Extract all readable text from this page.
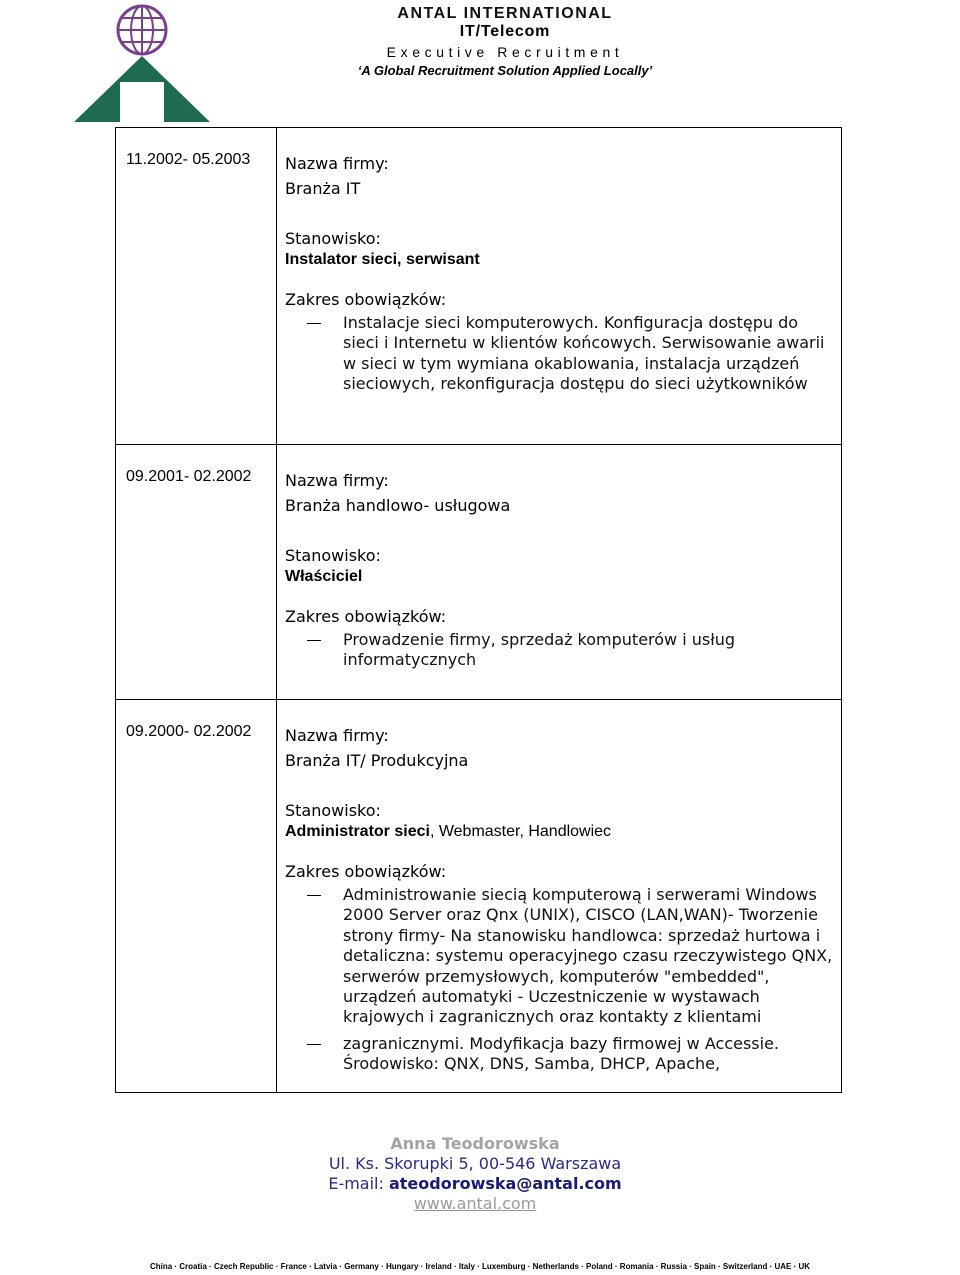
ANTAL INTERNATIONAL
IT/Telecom
Executive Recruitment
‘A Global Recruitment Solution Applied Locally’
11.2002- 05.2003 Nazwa firmy:
Branża IT
Stanowisko:
Instalator sieci, serwisant
Zakres obowiązków:
Instalacje sieci komputerowych. Konfiguracja dostępu do sieci i Internetu w klientów końcowych. Serwisowanie awarii w sieci w tym wymiana okablowania, instalacja urządzeń sieciowych, rekonfiguracja dostępu do sieci użytkowników
09.2001- 02.2002 Nazwa firmy:
Branża handlowo- usługowa
Stanowisko:
Właściciel
Zakres obowiązków:
Prowadzenie firmy, sprzedaż komputerów i usług informatycznych
09.2000- 02.2002 Nazwa firmy:
Branża IT/ Produkcyjna
Stanowisko:
Administrator sieci, Webmaster, Handlowiec
Zakres obowiązków:
Administrowanie siecią komputerową i serwerami Windows 2000 Server oraz Qnx (UNIX), CISCO (LAN,WAN)- Tworzenie strony firmy- Na stanowisku handlowca: sprzedaż hurtowa i detaliczna: systemu operacyjnego czasu rzeczywistego QNX, serwerów przemysłowych, komputerów "embedded", urządzeń automatyki - Uczestniczenie w wystawach krajowych i zagranicznych oraz kontakty z klientami
zagranicznymi. Modyfikacja bazy firmowej w Accessie. Środowisko: QNX, DNS, Samba, DHCP, Apache,
Anna Teodorowska
Ul. Ks. Skorupki 5, 00-546 Warszawa
E-mail: ateodorowska@antal.com
www.antal.com
China · Croatia · Czech Republic · France · Latvia · Germany · Hungary · Ireland · Italy · Luxemburg · Netherlands · Poland · Romania · Russia · Spain · Switzerland · UAE · UK
